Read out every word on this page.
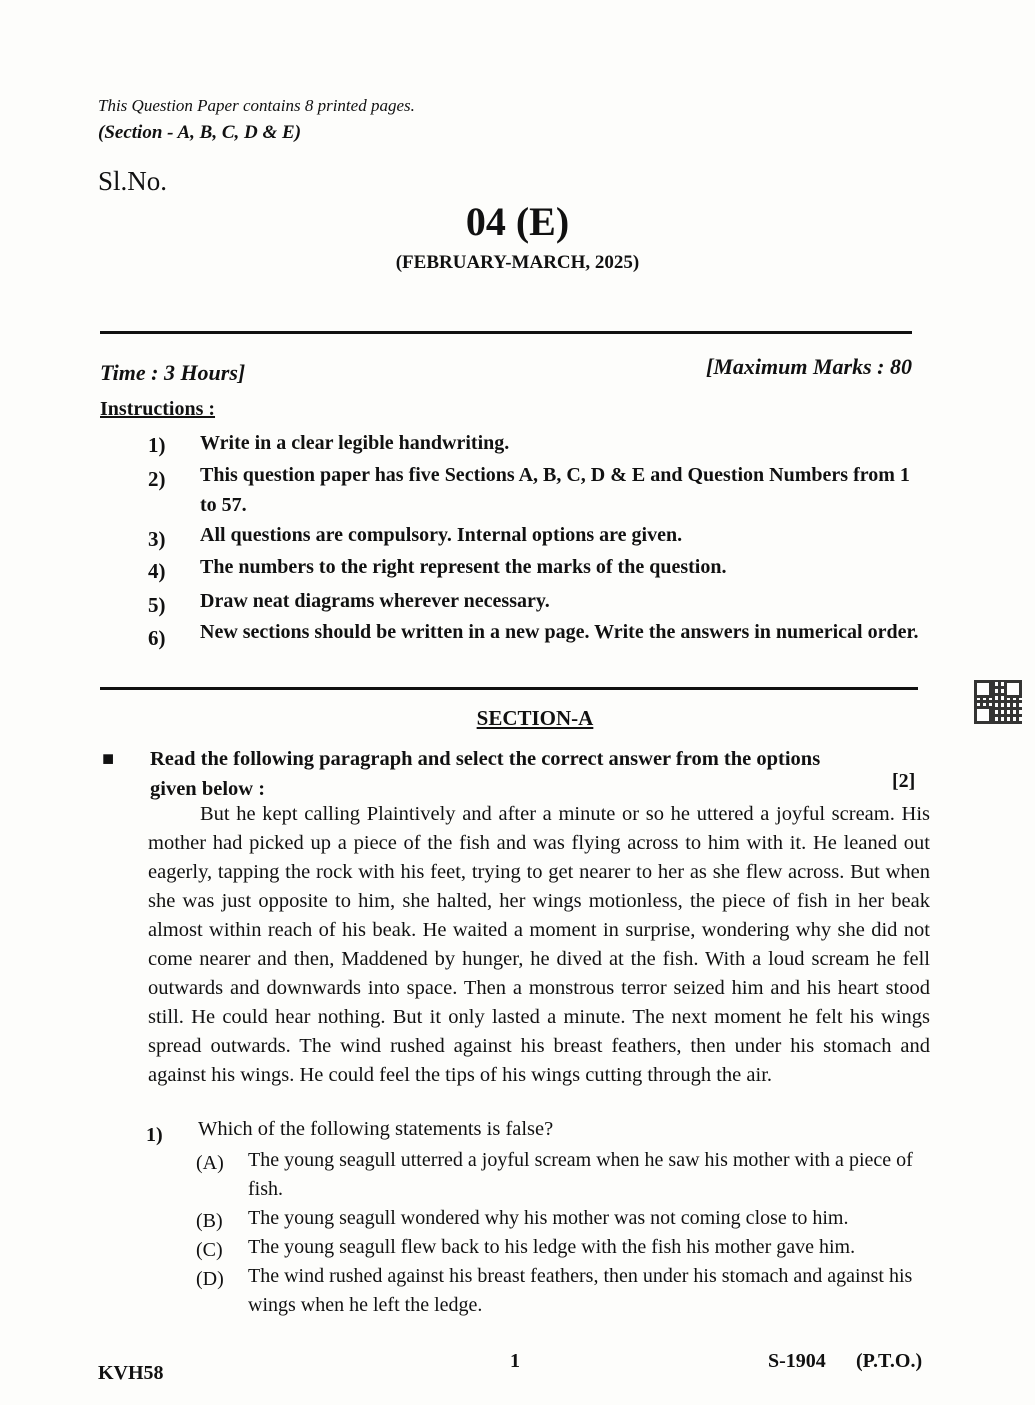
This Question Paper contains 8 printed pages.
(Section - A, B, C, D & E)
Sl.No.
04 (E)
(FEBRUARY-MARCH, 2025)
Time : 3 Hours]	[Maximum Marks : 80
Instructions :
1)	Write in a clear legible handwriting.
2)	This question paper has five Sections A, B, C, D & E and Question Numbers from 1 to 57.
3)	All questions are compulsory. Internal options are given.
4)	The numbers to the right represent the marks of the question.
5)	Draw neat diagrams wherever necessary.
6)	New sections should be written in a new page. Write the answers in numerical order.
SECTION-A
■ Read the following paragraph and select the correct answer from the options given below :	[2]
But he kept calling Plaintively and after a minute or so he uttered a joyful scream. His mother had picked up a piece of the fish and was flying across to him with it. He leaned out eagerly, tapping the rock with his feet, trying to get nearer to her as she flew across. But when she was just opposite to him, she halted, her wings motionless, the piece of fish in her beak almost within reach of his beak. He waited a moment in surprise, wondering why she did not come nearer and then, Maddened by hunger, he dived at the fish. With a loud scream he fell outwards and downwards into space. Then a monstrous terror seized him and his heart stood still. He could hear nothing. But it only lasted a minute. The next moment he felt his wings spread outwards. The wind rushed against his breast feathers, then under his stomach and against his wings. He could feel the tips of his wings cutting through the air.
1) Which of the following statements is false?
(A) The young seagull utterred a joyful scream when he saw his mother with a piece of fish.
(B) The young seagull wondered why his mother was not coming close to him.
(C) The young seagull flew back to his ledge with the fish his mother gave him.
(D) The wind rushed against his breast feathers, then under his stomach and against his wings when he left the ledge.
KVH58
1	S-1904 (P.T.O.)
